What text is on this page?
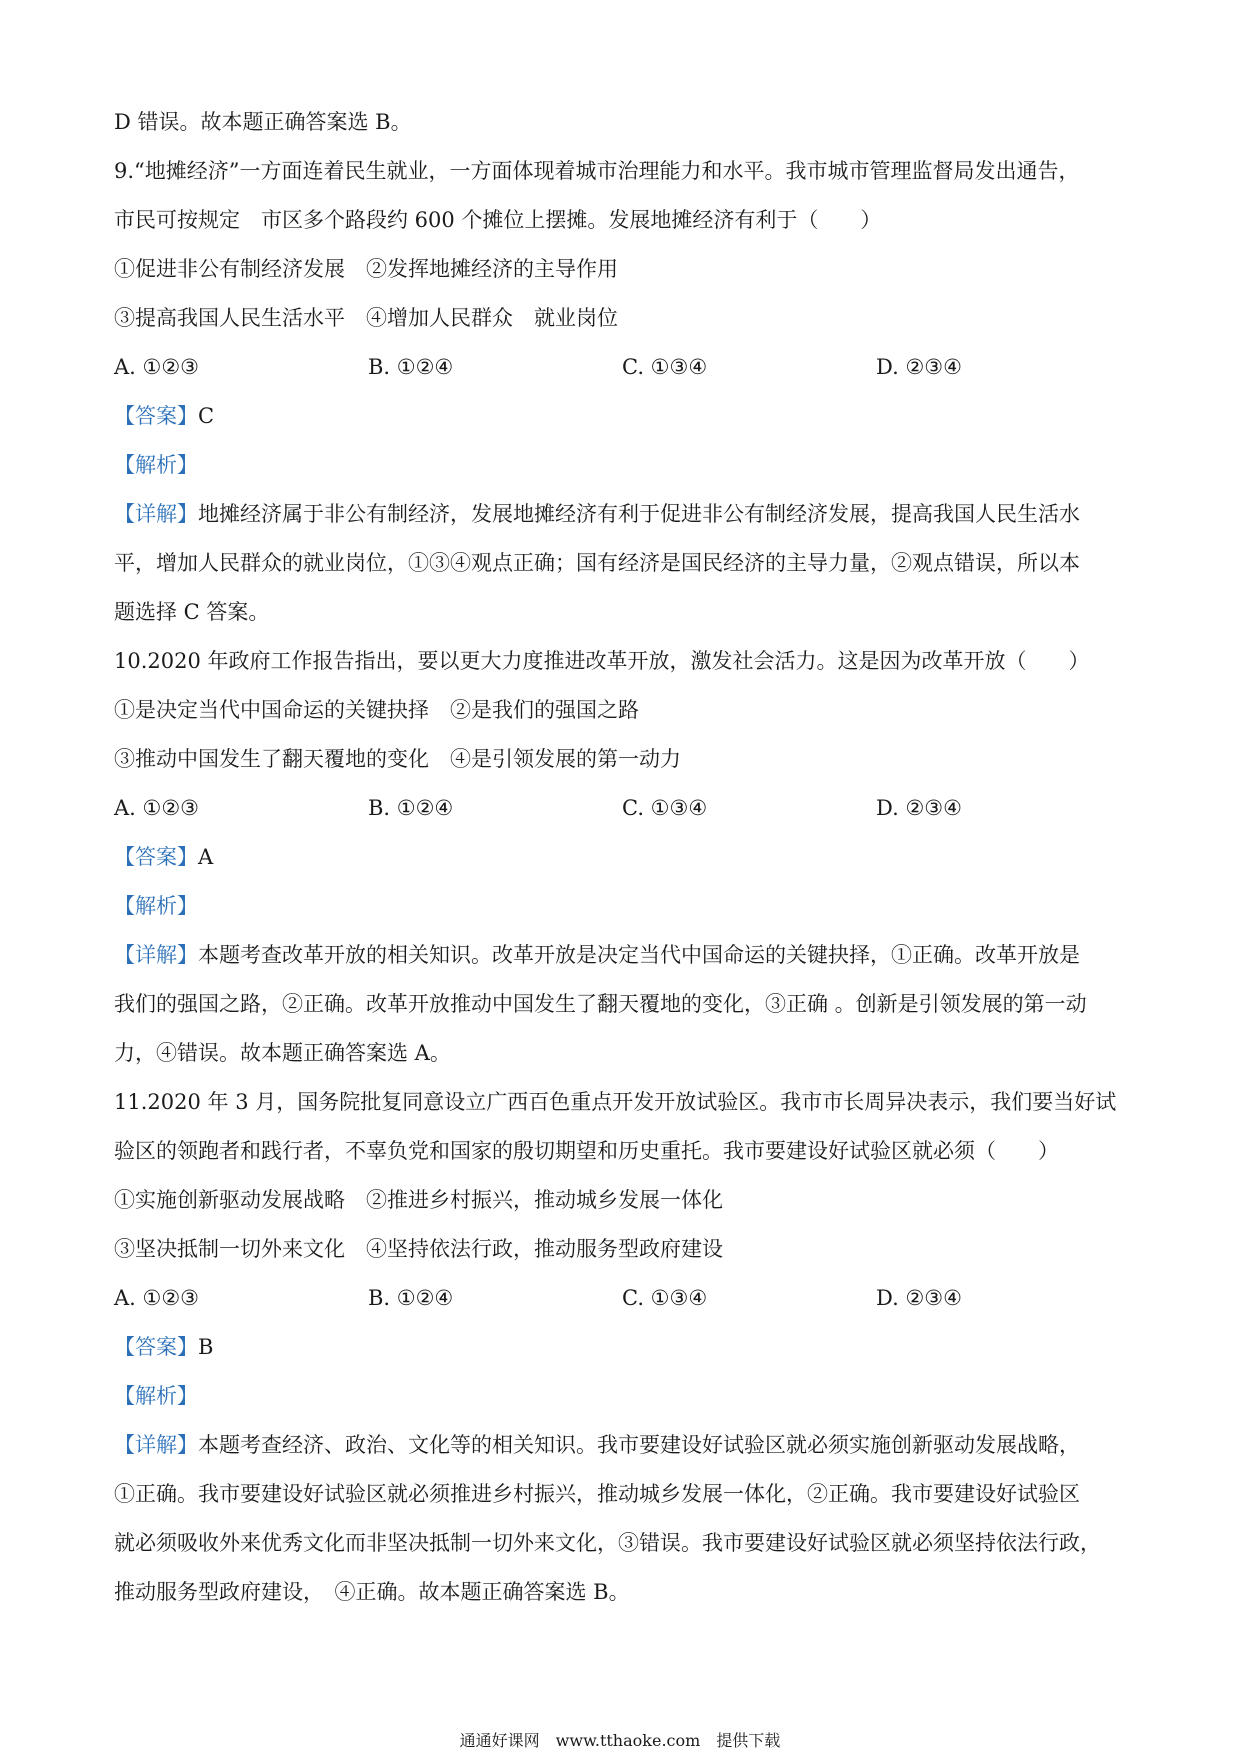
D 错误。故本题正确答案选 B。
9.“地摊经济”一方面连着民生就业，一方面体现着城市治理能力和水平。我市城市管理监督局发出通告，
市民可按规定　市区多个路段约 600 个摊位上摆摊。发展地摊经济有利于（　　）
①促进非公有制经济发展　②发挥地摊经济的主导作用
③提高我国人民生活水平　④增加人民群众　就业岗位
A. ①②③	B. ①②④	C. ①③④	D. ②③④
【答案】C
【解析】
【详解】地摊经济属于非公有制经济，发展地摊经济有利于促进非公有制经济发展，提高我国人民生活水
平，增加人民群众的就业岗位，①③④观点正确；国有经济是国民经济的主导力量，②观点错误，所以本
题选择 C 答案。
10.2020 年政府工作报告指出，要以更大力度推进改革开放，激发社会活力。这是因为改革开放（　　）
①是决定当代中国命运的关键抉择　②是我们的强国之路
③推动中国发生了翻天覆地的变化　④是引领发展的第一动力
A. ①②③	B. ①②④	C. ①③④	D. ②③④
【答案】A
【解析】
【详解】本题考查改革开放的相关知识。改革开放是决定当代中国命运的关键抉择，①正确。改革开放是
我们的强国之路，②正确。改革开放推动中国发生了翻天覆地的变化，③正确 。创新是引领发展的第一动
力，④错误。故本题正确答案选 A。
11.2020 年 3 月，国务院批复同意设立广西百色重点开发开放试验区。我市市长周异决表示，我们要当好试
验区的领跑者和践行者，不辜负党和国家的殷切期望和历史重托。我市要建设好试验区就必须（　　）
①实施创新驱动发展战略　②推进乡村振兴，推动城乡发展一体化
③坚决抵制一切外来文化　④坚持依法行政，推动服务型政府建设
A. ①②③	B. ①②④	C. ①③④	D. ②③④
【答案】B
【解析】
【详解】本题考查经济、政治、文化等的相关知识。我市要建设好试验区就必须实施创新驱动发展战略，
①正确。我市要建设好试验区就必须推进乡村振兴，推动城乡发展一体化，②正确。我市要建设好试验区
就必须吸收外来优秀文化而非坚决抵制一切外来文化，③错误。我市要建设好试验区就必须坚持依法行政，
推动服务型政府建设，　④正确。故本题正确答案选 B。
通通好课网　www.tthaoke.com　提供下载
